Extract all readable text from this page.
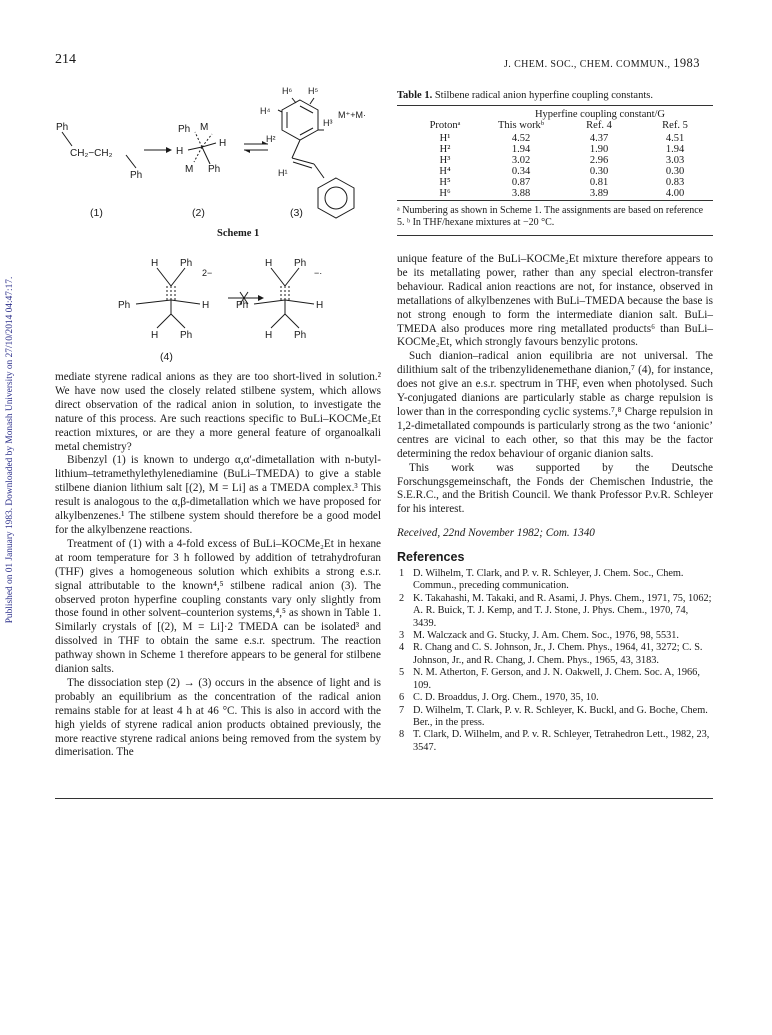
Published on 01 January 1983. Downloaded by Monash University on 27/10/2014 04:47:17.
214	J. CHEM. SOC., CHEM. COMMUN., 1983
Ph
CH₂−CH₂
Ph
Ph M
H
H
M Ph
H⁶ H⁵
H⁴
H³
M⁺+M·
H²
H¹
(1)	(2)	(3)
H Ph
2−
Ph	H
H Ph
H Ph
−·
Ph	H
H Ph
(4)
Scheme 1
Table 1. Stilbene radical anion hyperfine coupling constants.
Hyperfine coupling constant/G
Protonᵃ	This workᵇ	Ref. 4	Ref. 5
H¹	4.52	4.37	4.51
H²	1.94	1.90	1.94
H³	3.02	2.96	3.03
H⁴	0.34	0.30	0.30
H⁵	0.87	0.81	0.83
H⁶	3.88	3.89	4.00
ᵃ Numbering as shown in Scheme 1. The assignments are based on reference 5. ᵇ In THF/hexane mixtures at −20 °C.

mediate styrene radical anions as they are too short-lived in solution.² We have now used the closely related stilbene system, which allows direct observation of the radical anion in solution, to investigate the nature of this process. Are such reactions specific to BuLi–KOCMe₂Et reaction mixtures, or are they a more general feature of organoalkali metal chemistry?

Bibenzyl (1) is known to undergo α,α′-dimetallation with n-butyl-lithium–tetramethylethylenediamine (BuLi–TMEDA) to give a stable stilbene dianion lithium salt [(2), M = Li] as a TMEDA complex.³ This result is analogous to the α,β-dimetallation which we have proposed for alkylbenzenes.¹ The stilbene system should therefore be a good model for the alkylbenzene reactions.

Treatment of (1) with a 4-fold excess of BuLi–KOCMe₂Et in hexane at room temperature for 3 h followed by addition of tetrahydrofuran (THF) gives a homogeneous solution which exhibits a strong e.s.r. signal attributable to the known⁴,⁵ stilbene radical anion (3). The observed proton hyperfine coupling constants vary only slightly from those found in other solvent–counterion systems,⁴,⁵ as shown in Table 1. Similarly crystals of [(2), M = Li]·2 TMEDA can be isolated³ and dissolved in THF to obtain the same e.s.r. spectrum. The reaction pathway shown in Scheme 1 therefore appears to be general for stilbene dianion salts.

The dissociation step (2) → (3) occurs in the absence of light and is probably an equilibrium as the concentration of the radical anion remains stable for at least 4 h at 46 °C. This is also in accord with the high yields of styrene radical anion products obtained previously, the more reactive styrene radical anions being removed from the system by dimerisation. The

unique feature of the BuLi–KOCMe₂Et mixture therefore appears to be its metallating power, rather than any special electron-transfer behaviour. Radical anion reactions are not, for instance, observed in metallations of alkylbenzenes with BuLi–TMEDA because the base is not strong enough to form the intermediate dianion salt. BuLi–TMEDA also produces more ring metallated products⁶ than BuLi–KOCMe₂Et, which strongly favours benzylic protons.

Such dianion–radical anion equilibria are not universal. The dilithium salt of the tribenzylidenemethane dianion,⁷ (4), for instance, does not give an e.s.r. spectrum in THF, even when photolysed. Such Y-conjugated dianions are particularly stable as charge repulsion is lower than in the corresponding cyclic systems.⁷,⁸ Charge repulsion in 1,2-dimetallated compounds is particularly strong as the two ‘anionic’ centres are vicinal to each other, so that this may be the factor determining the redox behaviour of organic dianion salts.

This work was supported by the Deutsche Forschungsgemeinschaft, the Fonds der Chemischen Industrie, the S.E.R.C., and the British Council. We thank Professor P.v.R. Schleyer for his interest.

Received, 22nd November 1982; Com. 1340

References
1 D. Wilhelm, T. Clark, and P. v. R. Schleyer, J. Chem. Soc., Chem. Commun., preceding communication.
2 K. Takahashi, M. Takaki, and R. Asami, J. Phys. Chem., 1971, 75, 1062; A. R. Buick, T. J. Kemp, and T. J. Stone, J. Phys. Chem., 1970, 74, 3439.
3 M. Walczack and G. Stucky, J. Am. Chem. Soc., 1976, 98, 5531.
4 R. Chang and C. S. Johnson, Jr., J. Chem. Phys., 1964, 41, 3272; C. S. Johnson, Jr., and R. Chang, J. Chem. Phys., 1965, 43, 3183.
5 N. M. Atherton, F. Gerson, and J. N. Oakwell, J. Chem. Soc. A, 1966, 109.
6 C. D. Broaddus, J. Org. Chem., 1970, 35, 10.
7 D. Wilhelm, T. Clark, P. v. R. Schleyer, K. Buckl, and G. Boche, Chem. Ber., in the press.
8 T. Clark, D. Wilhelm, and P. v. R. Schleyer, Tetrahedron Lett., 1982, 23, 3547.
